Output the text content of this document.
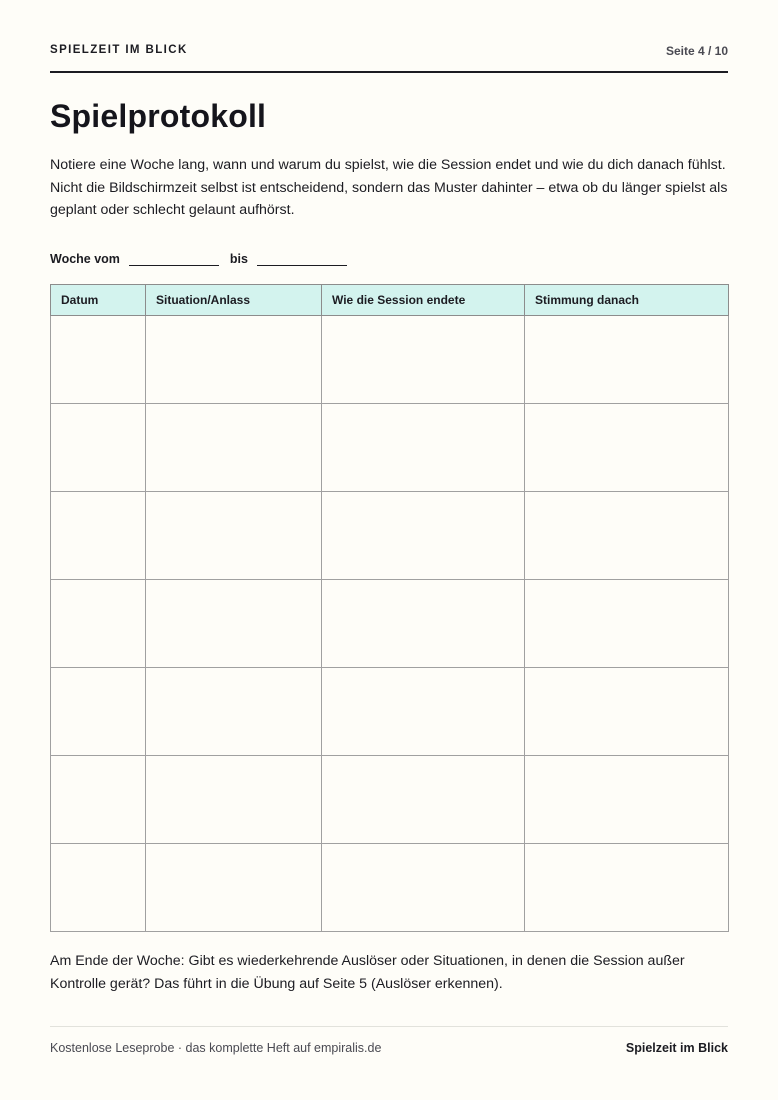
SPIELZEIT IM BLICK	Seite 4 / 10
Spielprotokoll

Notiere eine Woche lang, wann und warum du spielst, wie die Session endet und wie du dich danach fühlst. Nicht die Bildschirmzeit selbst ist entscheidend, sondern das Muster dahinter – etwa ob du länger spielst als geplant oder schlecht gelaunt aufhörst.

Woche vom	bis
Datum	Situation/Anlass	Wie die Session endete	Stimmung danach

Am Ende der Woche: Gibt es wiederkehrende Auslöser oder Situationen, in denen die Session außer Kontrolle gerät? Das führt in die Übung auf Seite 5 (Auslöser erkennen).

Kostenlose Leseprobe · das komplette Heft auf empiralis.de	Spielzeit im Blick
